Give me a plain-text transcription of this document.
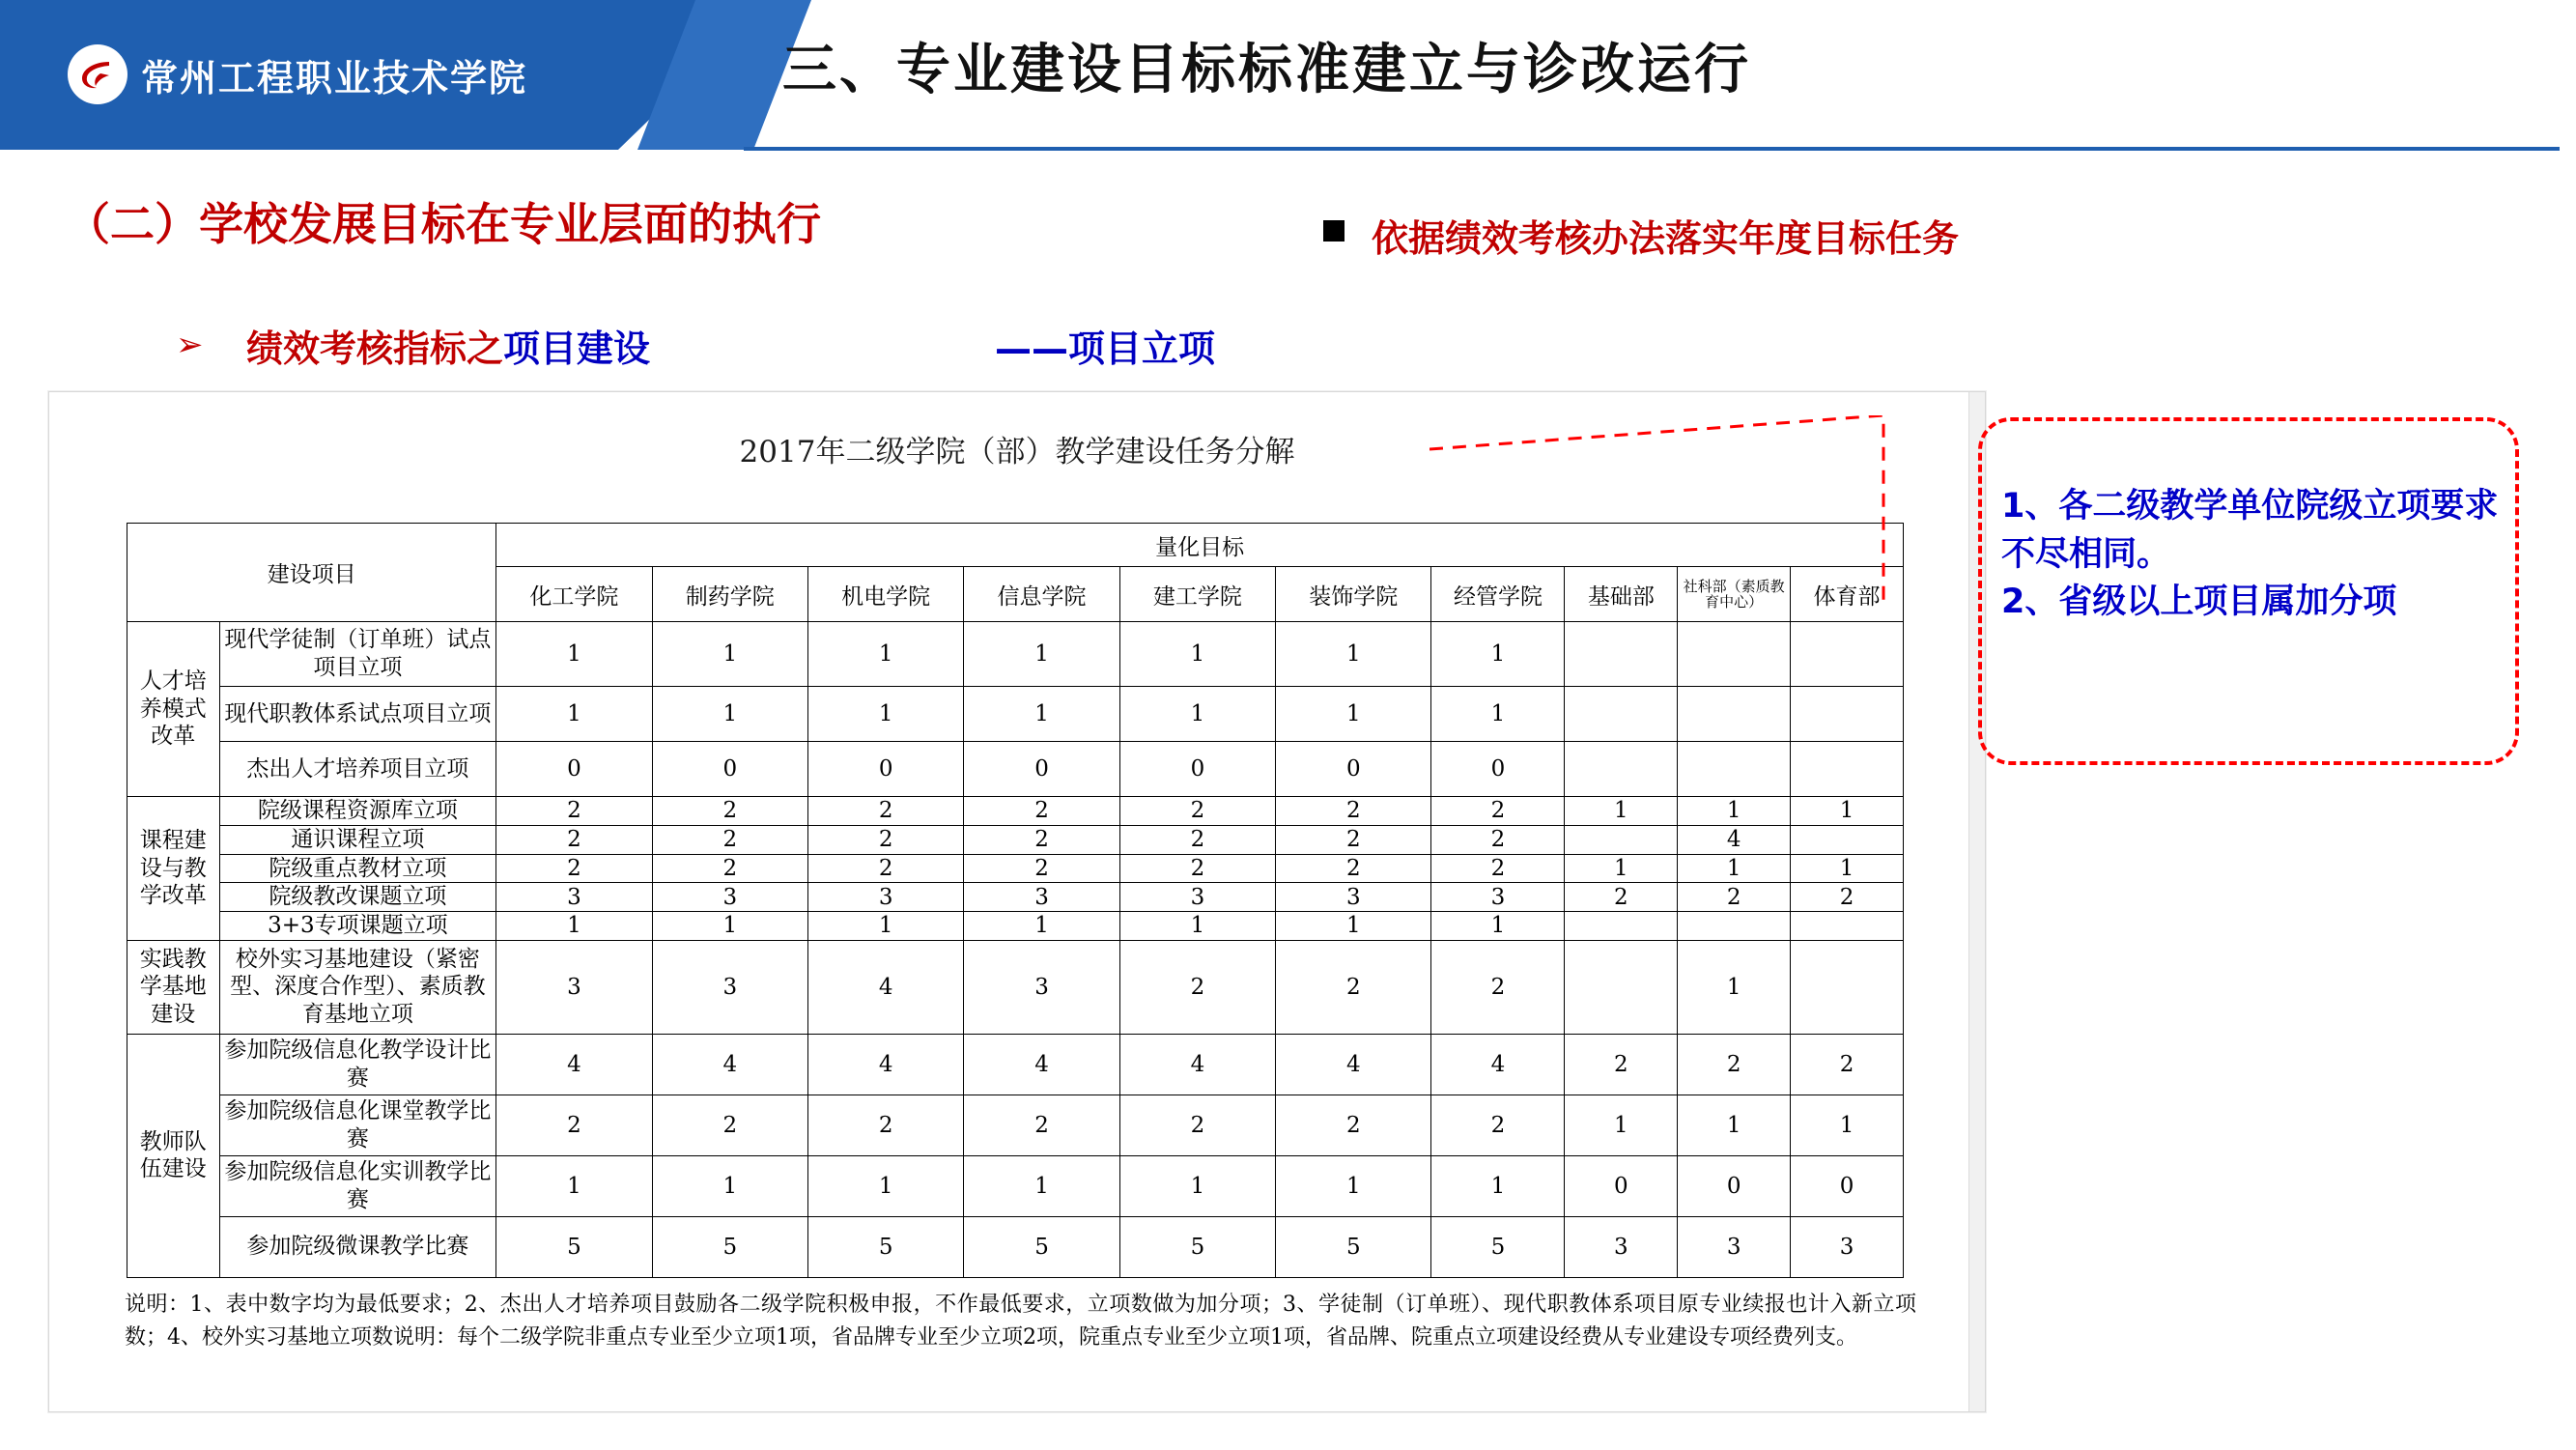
常州工程职业技术学院	三、专业建设目标标准建立与诊改运行
（二）学校发展目标在专业层面的执行	依据绩效考核办法落实年度目标任务
➢ 绩效考核指标之项目建设	——项目立项
2017年二级学院（部）教学建设任务分解
建设项目		量化目标									
		化工学院	制药学院	机电学院	信息学院	建工学院	装饰学院	经管学院	基础部	社科部（素质教育中心）	体育部
人才培养模式改革	现代学徒制（订单班）试点项目立项	1	1	1	1	1	1	1			
	现代职教体系试点项目立项	1	1	1	1	1	1	1			
	杰出人才培养项目立项	0	0	0	0	0	0	0			
课程建设与教学改革	院级课程资源库立项	2	2	2	2	2	2	2	1	1	1
	通识课程立项	2	2	2	2	2	2	2		4	
	院级重点教材立项	2	2	2	2	2	2	2	1	1	1
	院级教改课题立项	3	3	3	3	3	3	3	2	2	2
	3+3专项课题立项	1	1	1	1	1	1	1			
实践教学基地建设	校外实习基地建设（紧密型、深度合作型）、素质教育基地立项	3	3	4	3	2	2	2		1	
教师队伍建设	参加院级信息化教学设计比赛	4	4	4	4	4	4	4	2	2	2
	参加院级信息化课堂教学比赛	2	2	2	2	2	2	2	1	1	1
	参加院级信息化实训教学比赛	1	1	1	1	1	1	1	0	0	0
	参加院级微课教学比赛	5	5	5	5	5	5	5	3	3	3
说明：1、表中数字均为最低要求；2、杰出人才培养项目鼓励各二级学院积极申报，不作最低要求，立项数做为加分项；3、学徒制（订单班）、现代职教体系项目原专业续报也计入新立项数；4、校外实习基地立项数说明：每个二级学院非重点专业至少立项1项，省品牌专业至少立项2项，院重点专业至少立项1项，省品牌、院重点立项建设经费从专业建设专项经费列支。
1、各二级教学单位院级立项要求不尽相同。
2、省级以上项目属加分项
